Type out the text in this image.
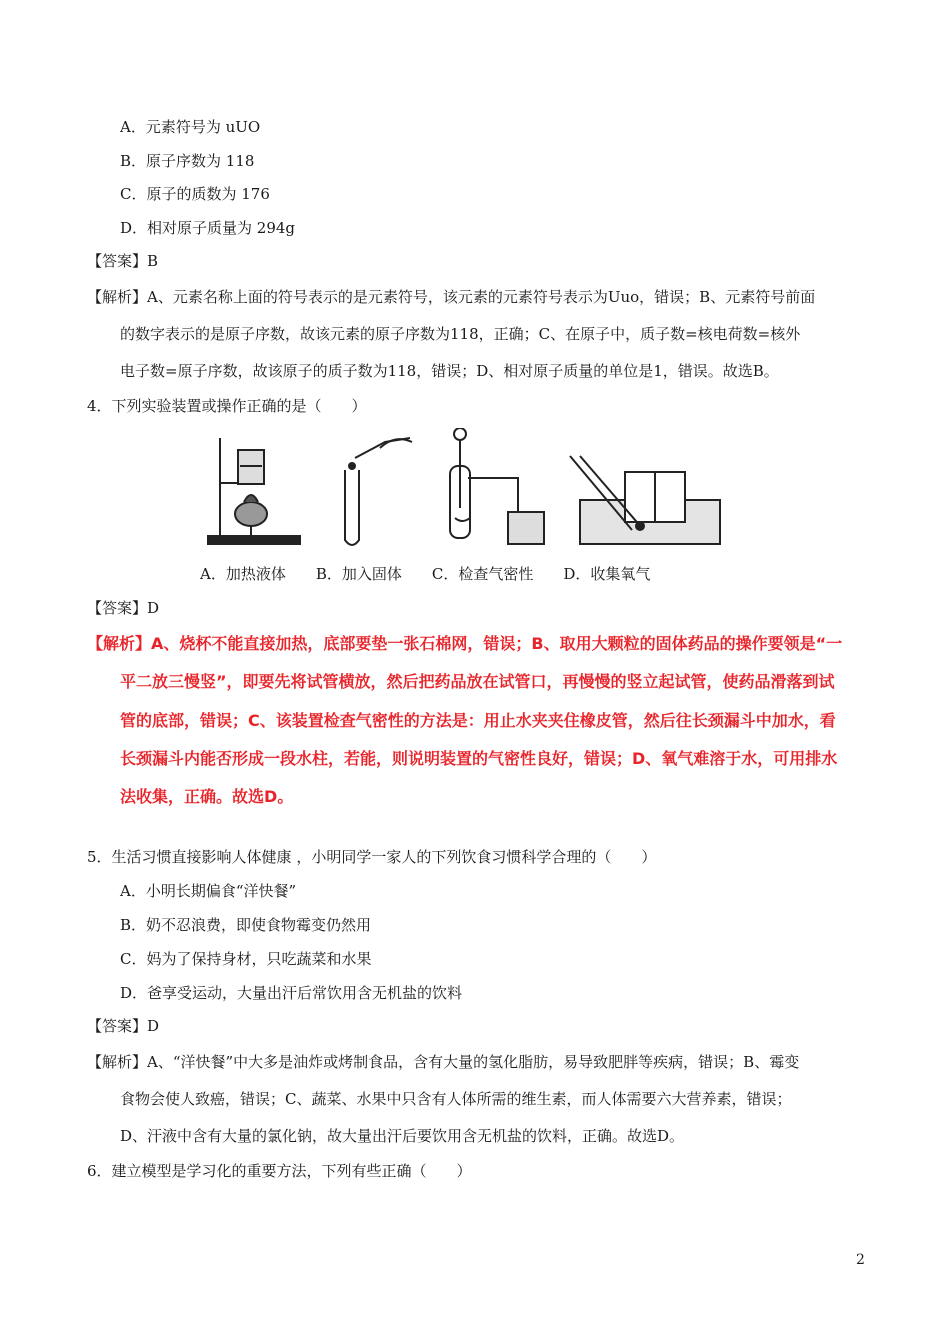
A．元素符号为 uUO
B．原子序数为 118
C．原子的质数为 176
D．相对原子质量为 294g
【答案】B
【解析】A、元素名称上面的符号表示的是元素符号，该元素的元素符号表示为Uuo，错误；B、元素符号前面
的数字表示的是原子序数，故该元素的原子序数为118，正确；C、在原子中，质子数=核电荷数=核外
电子数=原子序数，故该原子的质子数为118，错误；D、相对原子质量的单位是1，错误。故选B。
4．下列实验装置或操作正确的是（　　）
A．加热液体　　B．加入固体　　C．检查气密性　　D．收集氧气
【答案】D
【解析】A、烧杯不能直接加热，底部要垫一张石棉网，错误；B、取用大颗粒的固体药品的操作要领是“一
平二放三慢竖”，即要先将试管横放，然后把药品放在试管口，再慢慢的竖立起试管，使药品滑落到试
管的底部，错误；C、该装置检查气密性的方法是：用止水夹夹住橡皮管，然后往长颈漏斗中加水，看
长颈漏斗内能否形成一段水柱，若能，则说明装置的气密性良好，错误；D、氧气难溶于水，可用排水
法收集，正确。故选D。
5．生活习惯直接影响人体健康 ，小明同学一家人的下列饮食习惯科学合理的（　　）
A．小明长期偏食“洋快餐”
B．奶不忍浪费，即使食物霉变仍然用
C．妈为了保持身材，只吃蔬菜和水果
D．爸享受运动，大量出汗后常饮用含无机盐的饮料
【答案】D
【解析】A、“洋快餐”中大多是油炸或烤制食品，含有大量的氢化脂肪，易导致肥胖等疾病，错误；B、霉变
食物会使人致癌，错误；C、蔬菜、水果中只含有人体所需的维生素，而人体需要六大营养素，错误；
D、汗液中含有大量的氯化钠，故大量出汗后要饮用含无机盐的饮料，正确。故选D。
6．建立模型是学习化的重要方法，下列有些正确（　　）
2
